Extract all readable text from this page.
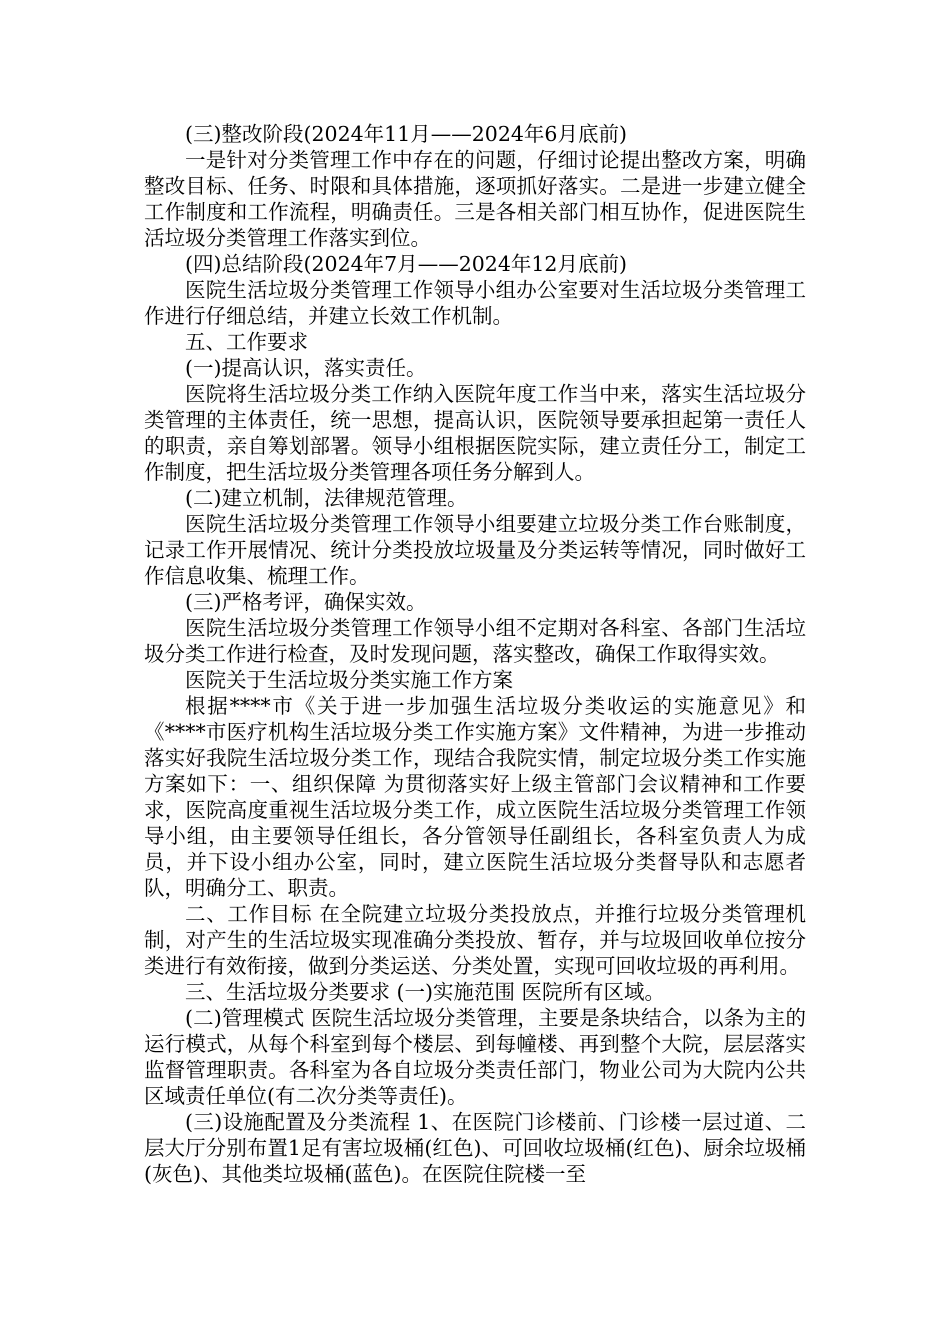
(三)整改阶段(2024年11月——2024年6月底前)

一是针对分类管理工作中存在的问题，仔细讨论提出整改方案，明确整改目标、任务、时限和具体措施，逐项抓好落实。二是进一步建立健全工作制度和工作流程，明确责任。三是各相关部门相互协作，促进医院生活垃圾分类管理工作落实到位。

(四)总结阶段(2024年7月——2024年12月底前)

医院生活垃圾分类管理工作领导小组办公室要对生活垃圾分类管理工作进行仔细总结，并建立长效工作机制。

五、工作要求

(一)提高认识，落实责任。

医院将生活垃圾分类工作纳入医院年度工作当中来，落实生活垃圾分类管理的主体责任，统一思想，提高认识，医院领导要承担起第一责任人的职责，亲自筹划部署。领导小组根据医院实际，建立责任分工，制定工作制度，把生活垃圾分类管理各项任务分解到人。

(二)建立机制，法律规范管理。

医院生活垃圾分类管理工作领导小组要建立垃圾分类工作台账制度，记录工作开展情况、统计分类投放垃圾量及分类运转等情况，同时做好工作信息收集、梳理工作。

(三)严格考评，确保实效。

医院生活垃圾分类管理工作领导小组不定期对各科室、各部门生活垃圾分类工作进行检查，及时发现问题，落实整改，确保工作取得实效。

医院关于生活垃圾分类实施工作方案

根据****市《关于进一步加强生活垃圾分类收运的实施意见》和《****市医疗机构生活垃圾分类工作实施方案》文件精神，为进一步推动落实好我院生活垃圾分类工作，现结合我院实情，制定垃圾分类工作实施方案如下：一、组织保障 为贯彻落实好上级主管部门会议精神和工作要求，医院高度重视生活垃圾分类工作，成立医院生活垃圾分类管理工作领导小组，由主要领导任组长，各分管领导任副组长，各科室负责人为成员，并下设小组办公室，同时，建立医院生活垃圾分类督导队和志愿者队，明确分工、职责。

二、工作目标 在全院建立垃圾分类投放点，并推行垃圾分类管理机制，对产生的生活垃圾实现准确分类投放、暂存，并与垃圾回收单位按分类进行有效衔接，做到分类运送、分类处置，实现可回收垃圾的再利用。

三、生活垃圾分类要求 (一)实施范围 医院所有区域。

(二)管理模式 医院生活垃圾分类管理，主要是条块结合，以条为主的运行模式，从每个科室到每个楼层、到每幢楼、再到整个大院，层层落实监督管理职责。各科室为各自垃圾分类责任部门，物业公司为大院内公共区域责任单位(有二次分类等责任)。

(三)设施配置及分类流程 1、在医院门诊楼前、门诊楼一层过道、二层大厅分别布置1足有害垃圾桶(红色)、可回收垃圾桶(红色)、厨余垃圾桶(灰色)、其他类垃圾桶(蓝色)。在医院住院楼一至
